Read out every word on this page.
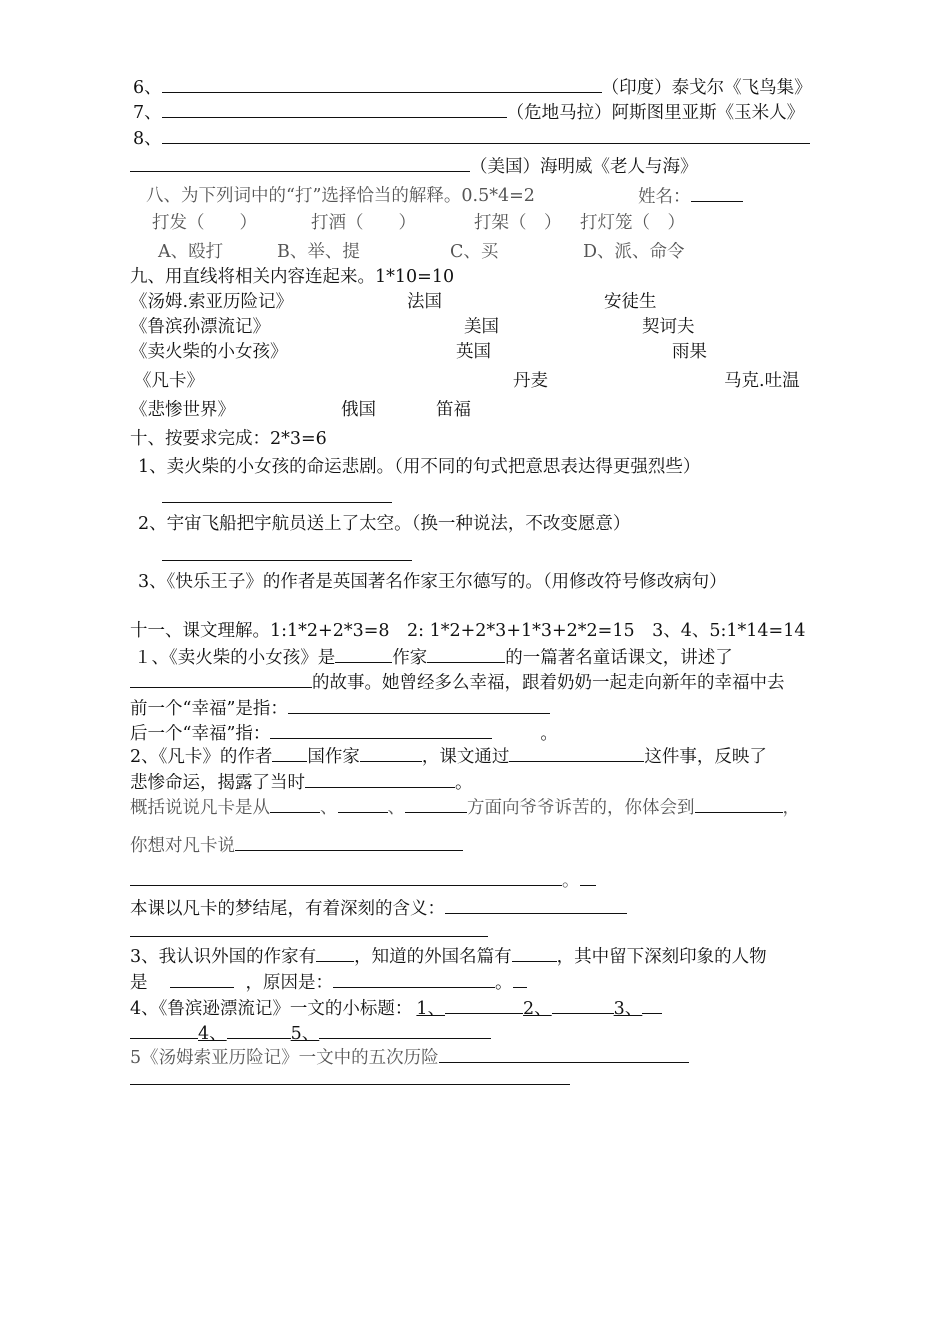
6、	（印度）泰戈尔《飞鸟集》
7、	（危地马拉）阿斯图里亚斯《玉米人》
8、
（美国）海明威《老人与海》
八、为下列词中的“打”选择恰当的解释。0.5*4=2	姓名：
打发（　　）	打酒（　　）	打架（　） 打灯笼（　）
A、殴打	B、举、提	C、买	D、派、命令
九、用直线将相关内容连起来。1*10=10
《汤姆.索亚历险记》	法国	安徒生
《鲁滨孙漂流记》	美国	契诃夫
《卖火柴的小女孩》	英国	雨果
《凡卡》	丹麦	马克.吐温
《悲惨世界》	俄国	笛福
十、按要求完成：2*3=6
1、卖火柴的小女孩的命运悲剧。（用不同的句式把意思表达得更强烈些）
2、宇宙飞船把宇航员送上了太空。（换一种说法，不改变愿意）
3、《快乐王子》的作者是英国著名作家王尔德写的。（用修改符号修改病句）
十一、课文理解。1:1*2+2*3=8　2: 1*2+2*3+1*3+2*2=15　3、4、5:1*14=14
１、《卖火柴的小女孩》是	作家	的一篇著名童话课文，讲述了
的故事。她曾经多么幸福，跟着奶奶一起走向新年的幸福中去
前一个“幸福”是指：
后一个“幸福”指：	。
2、《凡卡》的作者 国作家	，课文通过	这件事，反映了
悲惨命运，揭露了当时	。
概括说说凡卡是从	、	、	方面向爷爷诉苦的，你体会到	，
你想对凡卡说
。
本课以凡卡的梦结尾，有着深刻的含义：
3、我认识外国的作家有 ，知道的外国名篇有	，其中留下深刻印象的人物
是	，原因是：	。
4、《鲁滨逊漂流记》一文的小标题： 1、	2、	3、
4、	5、
5《汤姆索亚历险记》一文中的五次历险
